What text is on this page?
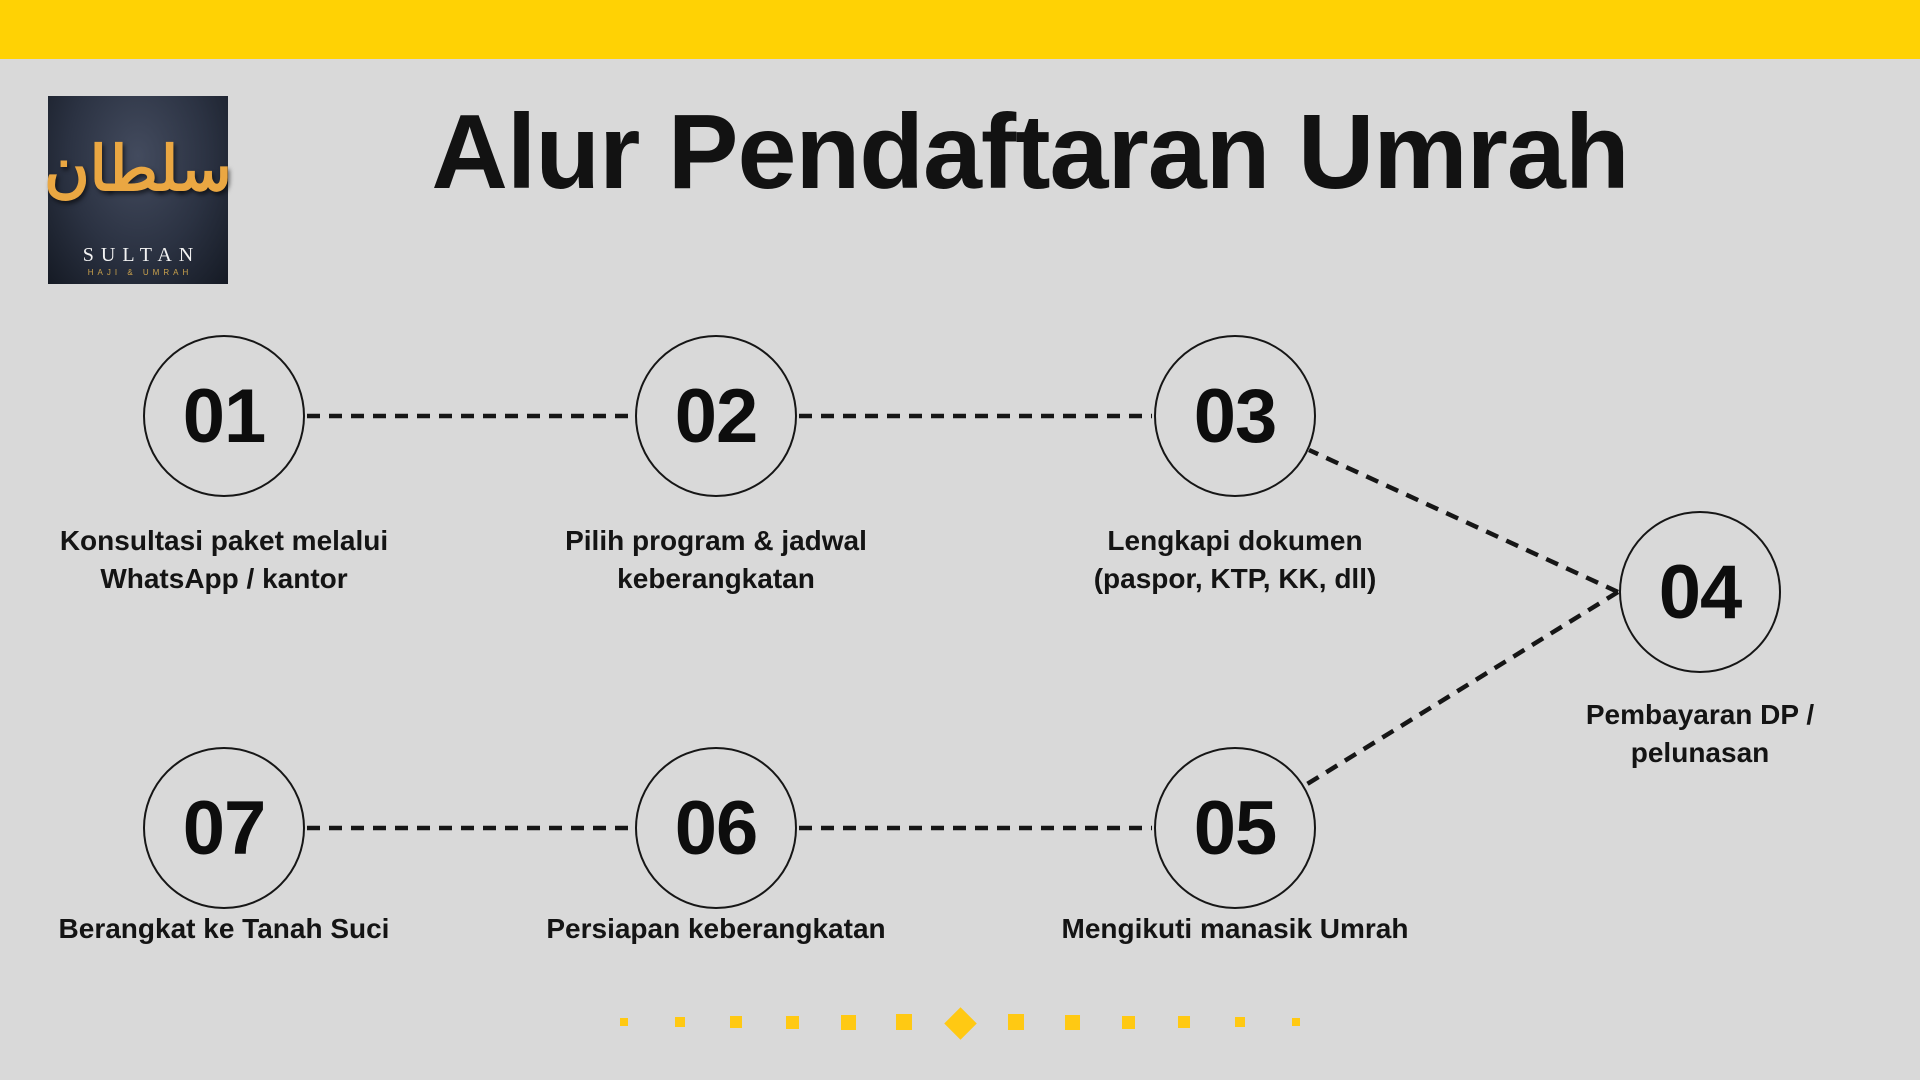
سلطان
SULTAN
HAJI & UMRAH
Alur Pendaftaran Umrah
01	02	03
04
05
06
07
Konsultasi paket melalui
WhatsApp / kantor
Pilih program & jadwal
keberangkatan
Lengkapi dokumen
(paspor, KTP, KK, dll)
Pembayaran DP /
pelunasan
Mengikuti manasik Umrah
Persiapan keberangkatan
Berangkat ke Tanah Suci
